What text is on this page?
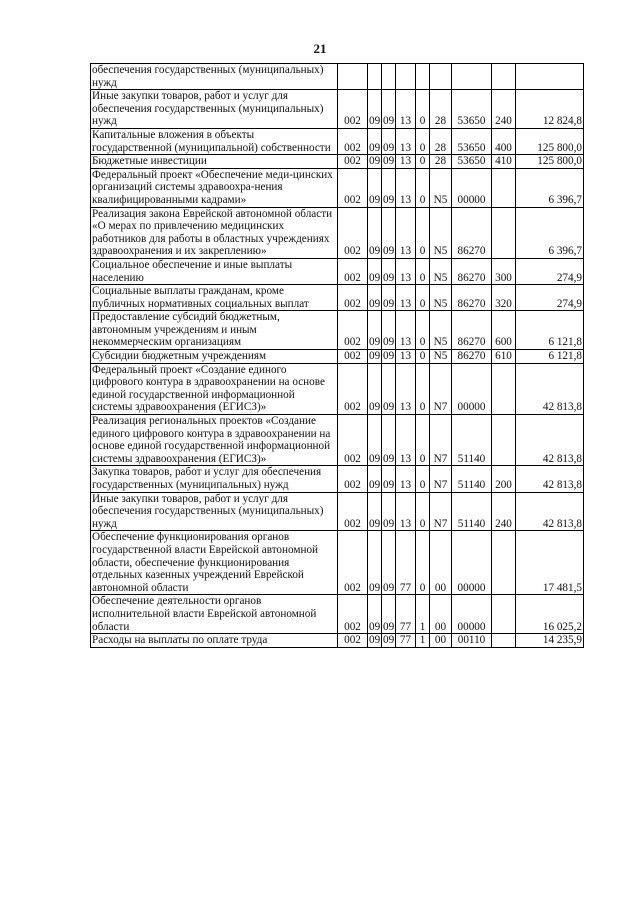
21
обеспечения государственных (муниципальных) нужд									
Иные закупки товаров, работ и услуг для обеспечения государственных (муниципальных) нужд	002	09	09	13	0	28	53650	240	12 824,8
Капитальные вложения в объекты государственной (муниципальной) собственности	002	09	09	13	0	28	53650	400	125 800,0
Бюджетные инвестиции	002	09	09	13	0	28	53650	410	125 800,0
Федеральный проект «Обеспечение меди-цинских организаций системы здравоохра-нения квалифицированными кадрами»	002	09	09	13	0	N5	00000		6 396,7
Реализация закона Еврейской автономной области «О мерах по привлечению медицинских работников для работы в областных учреждениях здравоохранения и их закреплению»	002	09	09	13	0	N5	86270		6 396,7
Социальное обеспечение и иные выплаты населению	002	09	09	13	0	N5	86270	300	274,9
Социальные выплаты гражданам, кроме публичных нормативных социальных выплат	002	09	09	13	0	N5	86270	320	274,9
Предоставление субсидий бюджетным, автономным учреждениям и иным некоммерческим организациям	002	09	09	13	0	N5	86270	600	6 121,8
Субсидии бюджетным учреждениям	002	09	09	13	0	N5	86270	610	6 121,8
Федеральный проект «Создание единого цифрового контура в здравоохранении на основе единой государственной информационной системы здравоохранения (ЕГИСЗ)»	002	09	09	13	0	N7	00000		42 813,8
Реализация региональных проектов «Создание единого цифрового контура в здравоохранении на основе единой государственной информационной системы здравоохранения (ЕГИСЗ)»	002	09	09	13	0	N7	51140		42 813,8
Закупка товаров, работ и услуг для обеспечения государственных (муниципальных) нужд	002	09	09	13	0	N7	51140	200	42 813,8
Иные закупки товаров, работ и услуг для обеспечения государственных (муниципальных) нужд	002	09	09	13	0	N7	51140	240	42 813,8
Обеспечение функционирования органов государственной власти Еврейской автономной области, обеспечение функционирования отдельных казенных учреждений Еврейской автономной области	002	09	09	77	0	00	00000		17 481,5
Обеспечение деятельности органов исполнительной власти Еврейской автономной области	002	09	09	77	1	00	00000		16 025,2
Расходы на выплаты по оплате труда	002	09	09	77	1	00	00110		14 235,9
